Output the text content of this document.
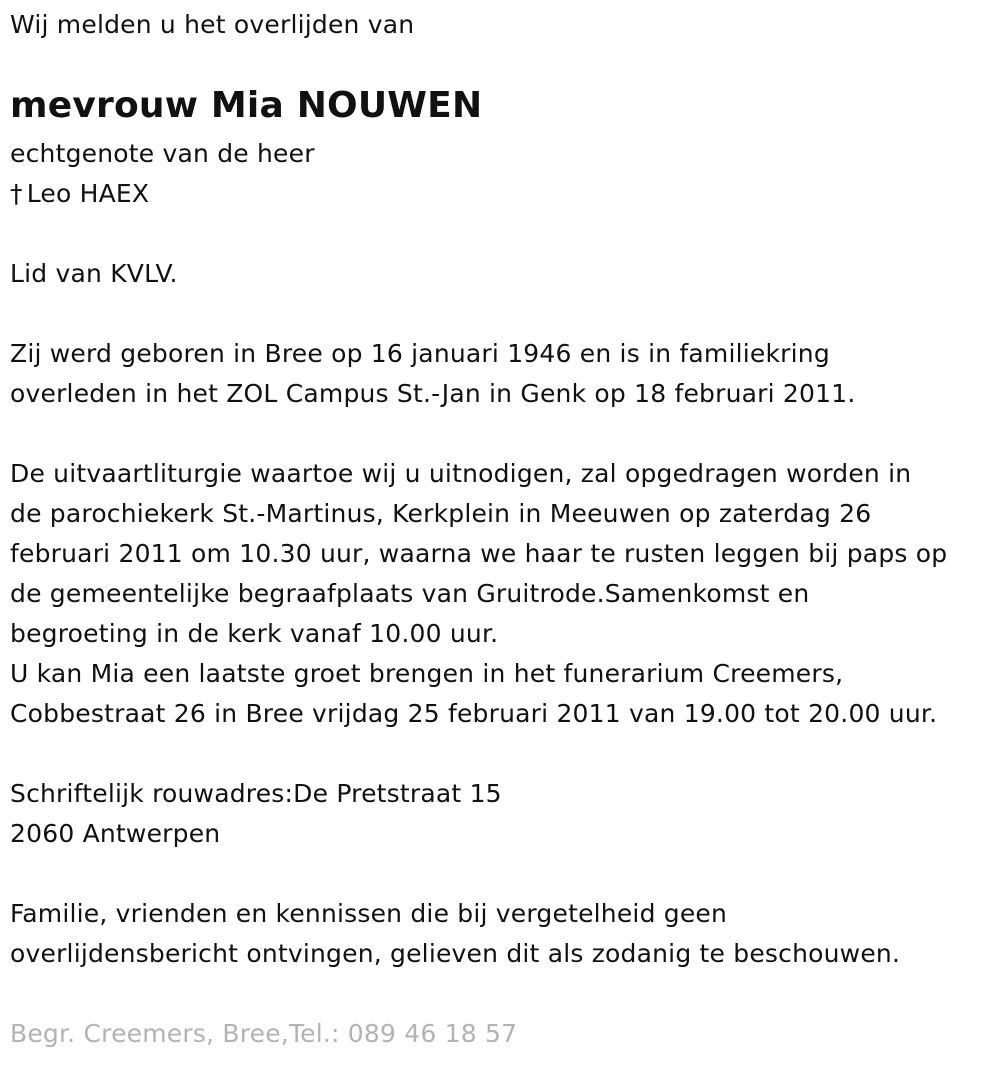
Wij melden u het overlijden van
mevrouw Mia NOUWEN
echtgenote van de heer
† Leo HAEX
Lid van KVLV.
Zij werd geboren in Bree op 16 januari 1946 en is in familiekring
overleden in het ZOL Campus St.-Jan in Genk op 18 februari 2011.
De uitvaartliturgie waartoe wij u uitnodigen, zal opgedragen worden in
de parochiekerk St.-Martinus, Kerkplein in Meeuwen op zaterdag 26
februari 2011 om 10.30 uur, waarna we haar te rusten leggen bij paps op
de gemeentelijke begraafplaats van Gruitrode.Samenkomst en
begroeting in de kerk vanaf 10.00 uur.
U kan Mia een laatste groet brengen in het funerarium Creemers,
Cobbestraat 26 in Bree vrijdag 25 februari 2011 van 19.00 tot 20.00 uur.
Schriftelijk rouwadres:De Pretstraat 15
2060 Antwerpen
Familie, vrienden en kennissen die bij vergetelheid geen
overlijdensbericht ontvingen, gelieven dit als zodanig te beschouwen.
Begr. Creemers, Bree,Tel.: 089 46 18 57
